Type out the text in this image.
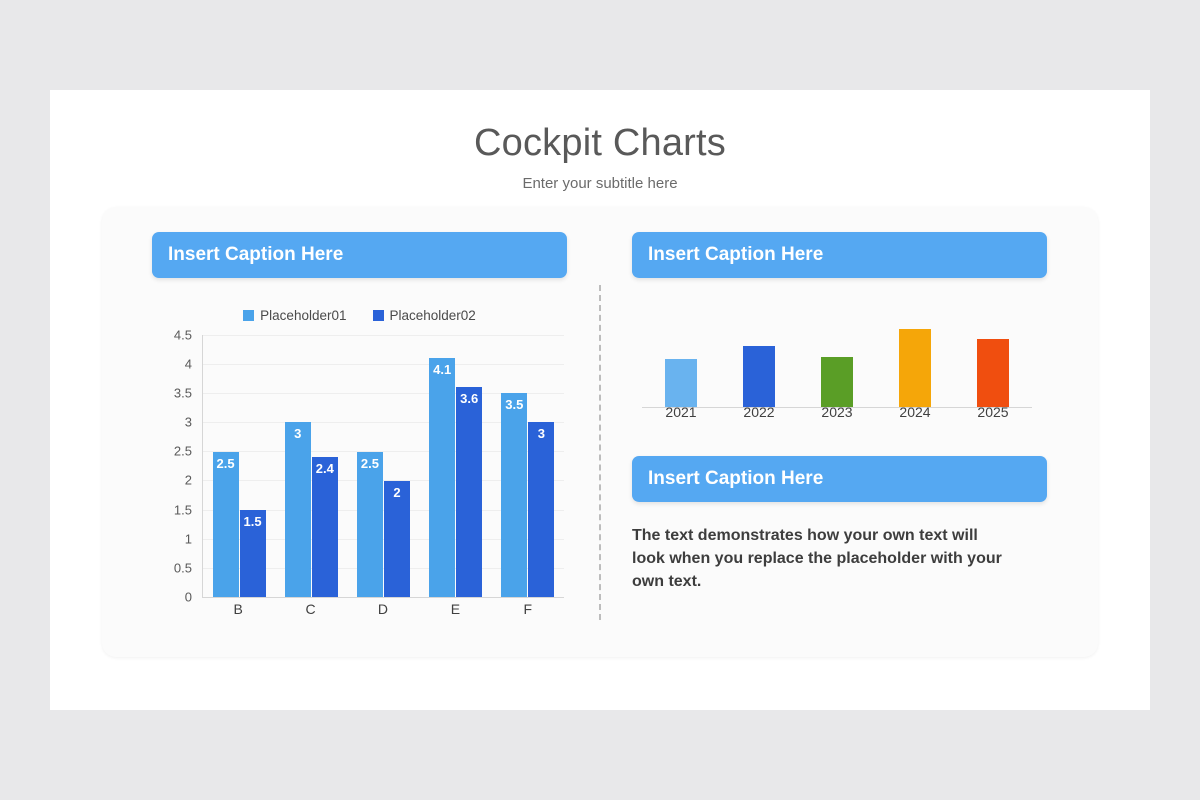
Cockpit Charts
Enter your subtitle here
Insert Caption Here
Placeholder01	Placeholder02
4.5
4
3.5
3
2.5
2
1.5
1
0.5
0
2.5
1.5
3
2.4	2.5
2
4.1
3.6	3.5
3
B	C	D	E	F
Insert Caption Here
2021	2022	2023	2024	2025
Insert Caption Here
The text demonstrates how your own text will look when you replace the placeholder with your own text.
